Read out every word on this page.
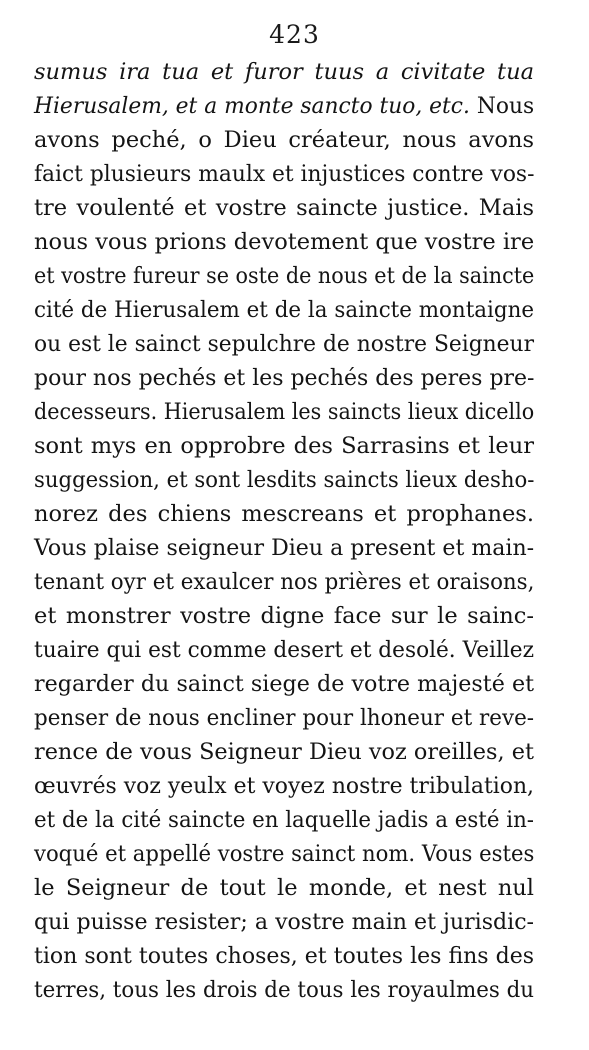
423
sumus ira tua et furor tuus a civitate tua
Hierusalem, et a monte sancto tuo, etc. Nous
avons peché, o Dieu créateur, nous avons
faict plusieurs maulx et injustices contre vos-
tre voulenté et vostre saincte justice. Mais
nous vous prions devotement que vostre ire
et vostre fureur se oste de nous et de la saincte
cité de Hierusalem et de la saincte montaigne
ou est le sainct sepulchre de nostre Seigneur
pour nos pechés et les pechés des peres pre-
decesseurs. Hierusalem les saincts lieux dicello
sont mys en opprobre des Sarrasins et leur
suggession, et sont lesdits saincts lieux desho-
norez des chiens mescreans et prophanes.
Vous plaise seigneur Dieu a present et main-
tenant oyr et exaulcer nos prières et oraisons,
et monstrer vostre digne face sur le sainc-
tuaire qui est comme desert et desolé. Veillez
regarder du sainct siege de votre majesté et
penser de nous encliner pour lhoneur et reve-
rence de vous Seigneur Dieu voz oreilles, et
œuvrés voz yeulx et voyez nostre tribulation,
et de la cité saincte en laquelle jadis a esté in-
voqué et appellé vostre sainct nom. Vous estes
le Seigneur de tout le monde, et nest nul
qui puisse resister; a vostre main et jurisdic-
tion sont toutes choses, et toutes les fins des
terres, tous les drois de tous les royaulmes du
